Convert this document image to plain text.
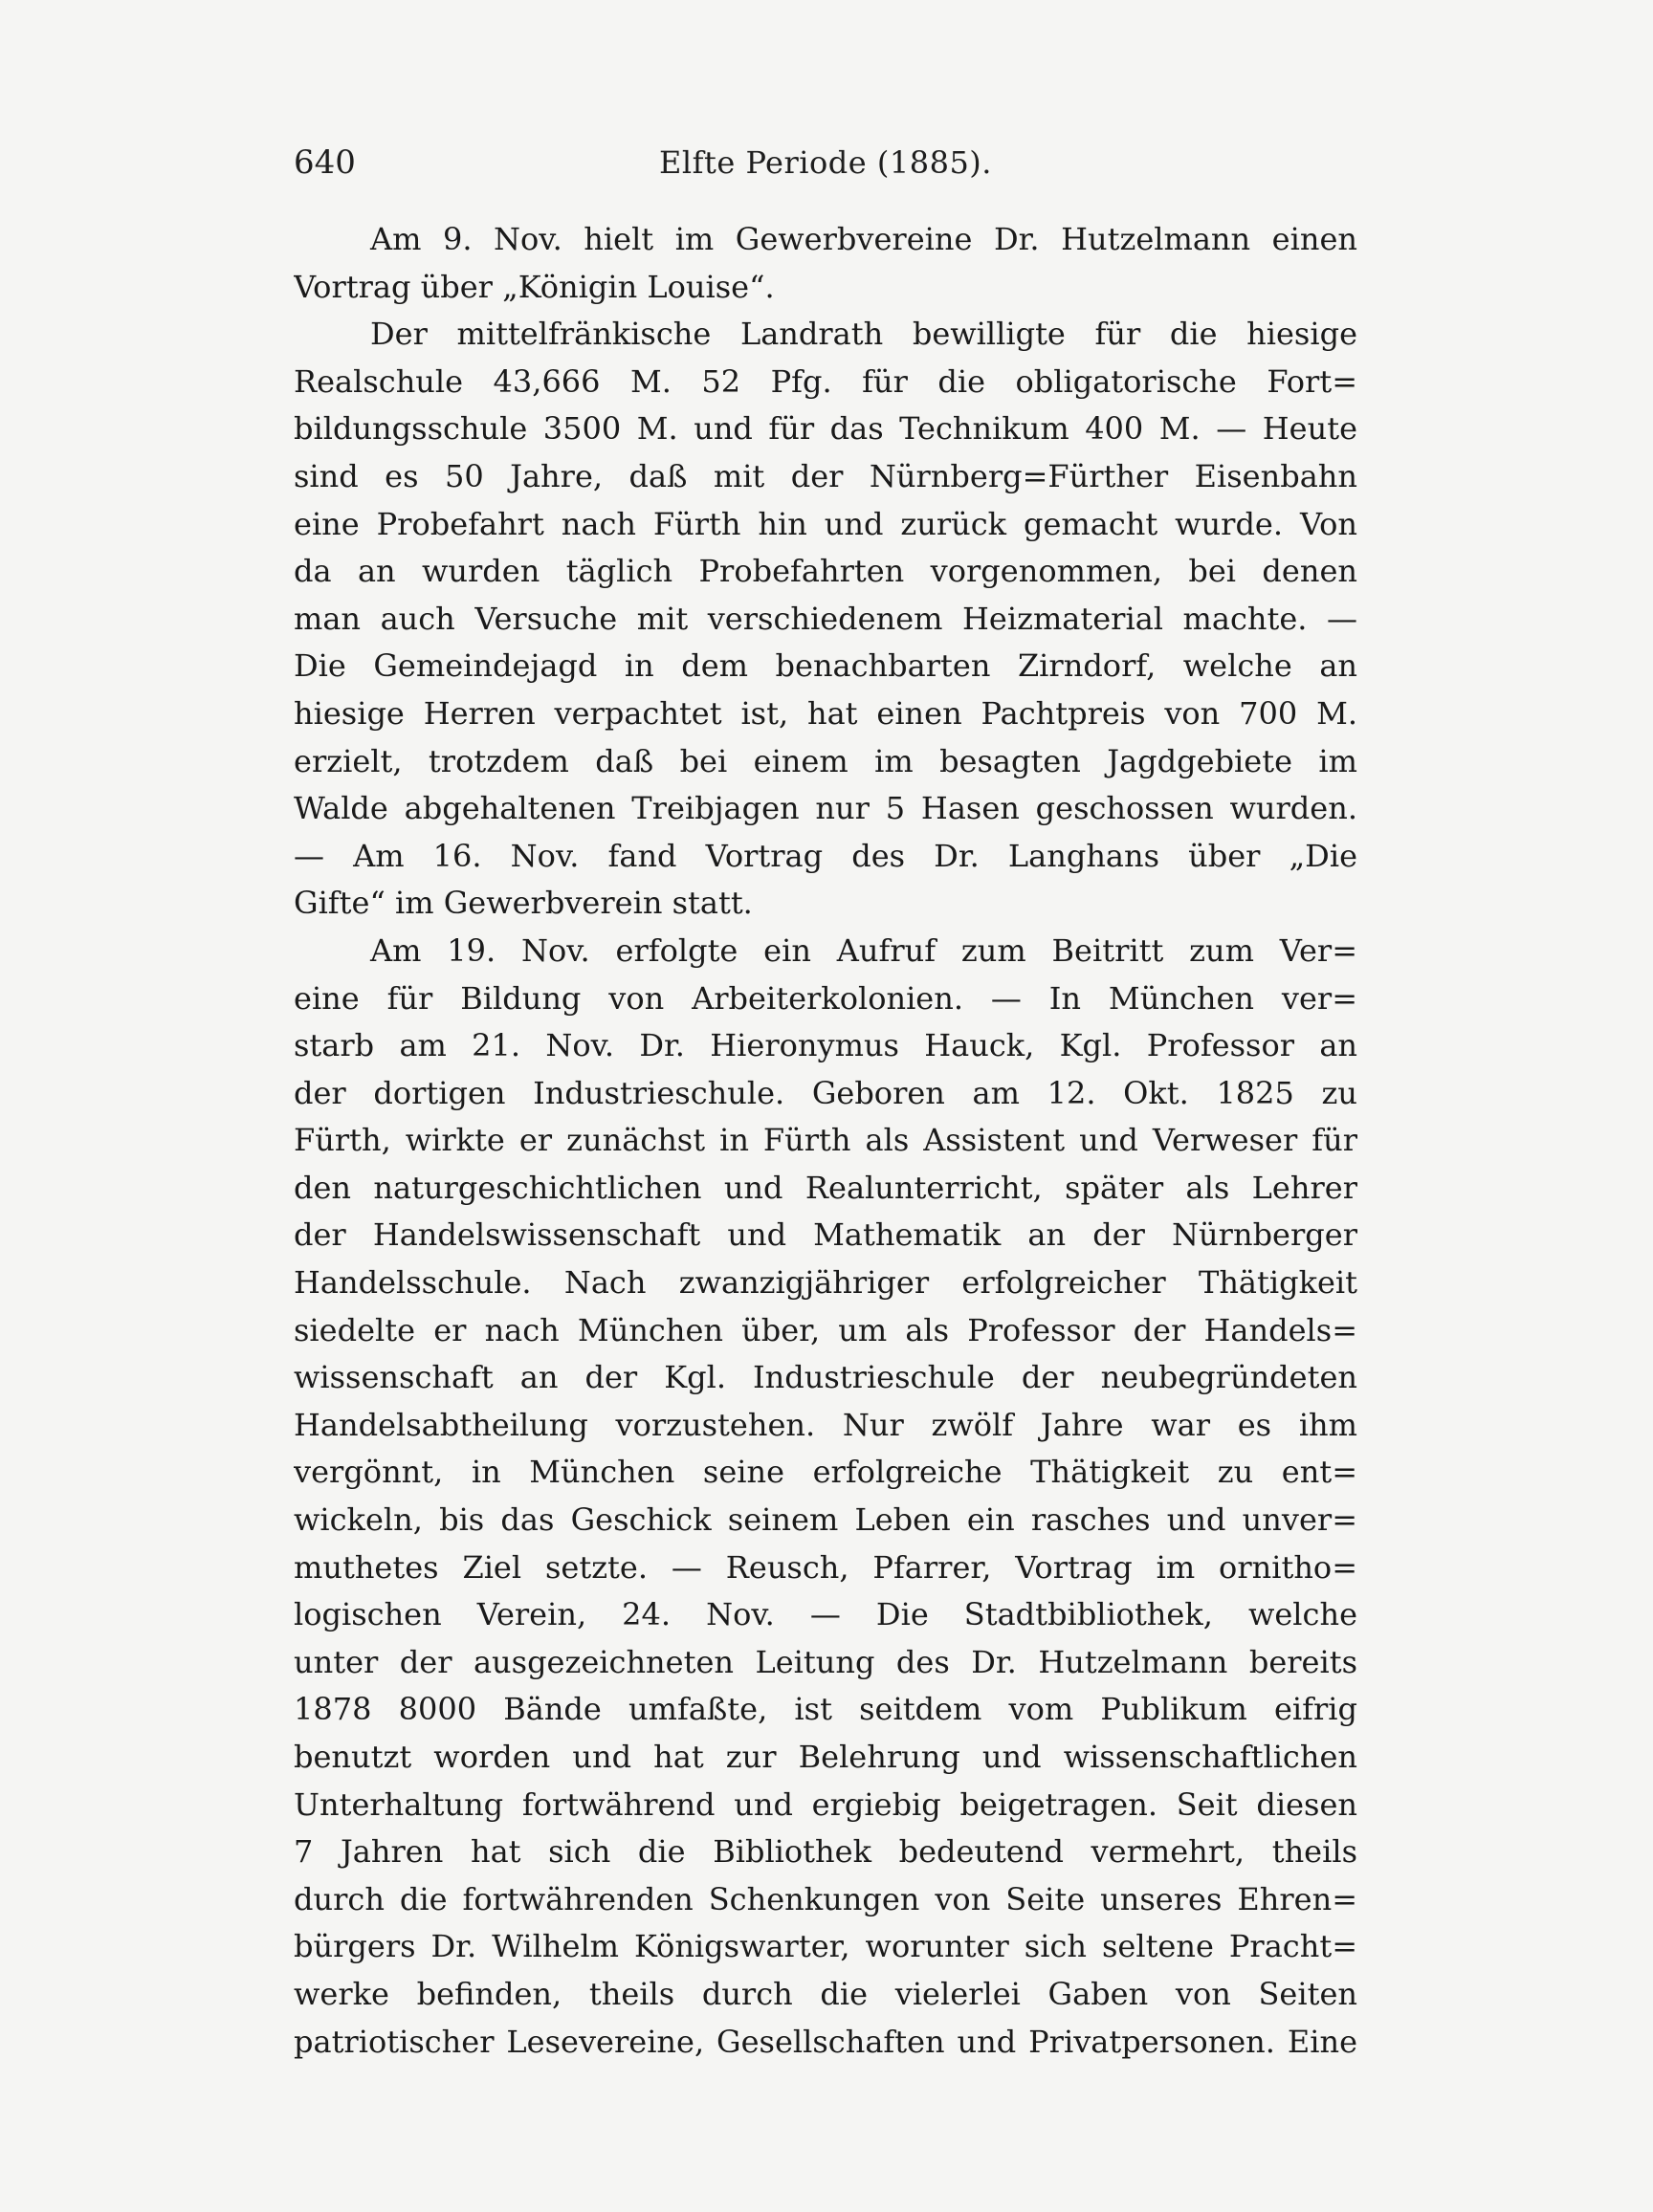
640	Elfte Periode (1885).
Am 9. Nov. hielt im Gewerbvereine Dr. Hutzelmann einen
Vortrag über „Königin Louise“.
Der mittelfränkische Landrath bewilligte für die hiesige
Realschule 43,666 M. 52 Pfg. für die obligatorische Fort=
bildungsschule 3500 M. und für das Technikum 400 M. — Heute
sind es 50 Jahre, daß mit der Nürnberg=Fürther Eisenbahn
eine Probefahrt nach Fürth hin und zurück gemacht wurde. Von
da an wurden täglich Probefahrten vorgenommen, bei denen
man auch Versuche mit verschiedenem Heizmaterial machte. —
Die Gemeindejagd in dem benachbarten Zirndorf, welche an
hiesige Herren verpachtet ist, hat einen Pachtpreis von 700 M.
erzielt, trotzdem daß bei einem im besagten Jagdgebiete im
Walde abgehaltenen Treibjagen nur 5 Hasen geschossen wurden.
— Am 16. Nov. fand Vortrag des Dr. Langhans über „Die
Gifte“ im Gewerbverein statt.
Am 19. Nov. erfolgte ein Aufruf zum Beitritt zum Ver=
eine für Bildung von Arbeiterkolonien. — In München ver=
starb am 21. Nov. Dr. Hieronymus Hauck, Kgl. Professor an
der dortigen Industrieschule. Geboren am 12. Okt. 1825 zu
Fürth, wirkte er zunächst in Fürth als Assistent und Verweser für
den naturgeschichtlichen und Realunterricht, später als Lehrer
der Handelswissenschaft und Mathematik an der Nürnberger
Handelsschule. Nach zwanzigjähriger erfolgreicher Thätigkeit
siedelte er nach München über, um als Professor der Handels=
wissenschaft an der Kgl. Industrieschule der neubegründeten
Handelsabtheilung vorzustehen. Nur zwölf Jahre war es ihm
vergönnt, in München seine erfolgreiche Thätigkeit zu ent=
wickeln, bis das Geschick seinem Leben ein rasches und unver=
muthetes Ziel setzte. — Reusch, Pfarrer, Vortrag im ornitho=
logischen Verein, 24. Nov. — Die Stadtbibliothek, welche
unter der ausgezeichneten Leitung des Dr. Hutzelmann bereits
1878 8000 Bände umfaßte, ist seitdem vom Publikum eifrig
benutzt worden und hat zur Belehrung und wissenschaftlichen
Unterhaltung fortwährend und ergiebig beigetragen. Seit diesen
7 Jahren hat sich die Bibliothek bedeutend vermehrt, theils
durch die fortwährenden Schenkungen von Seite unseres Ehren=
bürgers Dr. Wilhelm Königswarter, worunter sich seltene Pracht=
werke befinden, theils durch die vielerlei Gaben von Seiten
patriotischer Lesevereine, Gesellschaften und Privatpersonen. Eine
